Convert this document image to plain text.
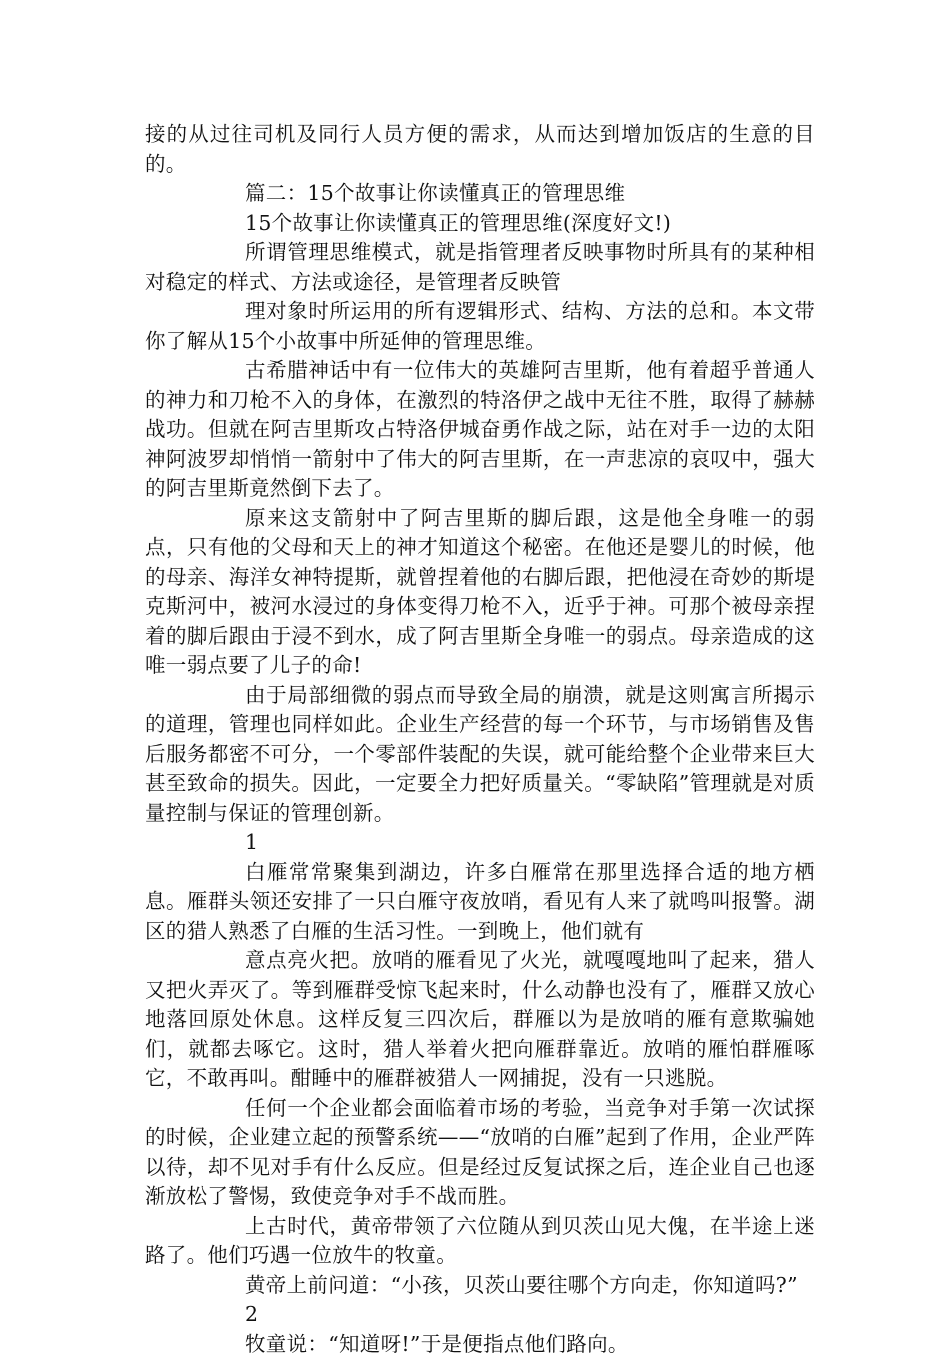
接的从过往司机及同行人员方便的需求，从而达到增加饭店的生意的目的。

篇二：15个故事让你读懂真正的管理思维

15个故事让你读懂真正的管理思维(深度好文!)

所谓管理思维模式，就是指管理者反映事物时所具有的某种相对稳定的样式、方法或途径，是管理者反映管

理对象时所运用的所有逻辑形式、结构、方法的总和。本文带你了解从15个小故事中所延伸的管理思维。

古希腊神话中有一位伟大的英雄阿吉里斯，他有着超乎普通人的神力和刀枪不入的身体，在激烈的特洛伊之战中无往不胜，取得了赫赫战功。但就在阿吉里斯攻占特洛伊城奋勇作战之际，站在对手一边的太阳神阿波罗却悄悄一箭射中了伟大的阿吉里斯，在一声悲凉的哀叹中，强大的阿吉里斯竟然倒下去了。

原来这支箭射中了阿吉里斯的脚后跟，这是他全身唯一的弱点，只有他的父母和天上的神才知道这个秘密。在他还是婴儿的时候，他的母亲、海洋女神特提斯，就曾捏着他的右脚后跟，把他浸在奇妙的斯堤克斯河中，被河水浸过的身体变得刀枪不入，近乎于神。可那个被母亲捏着的脚后跟由于浸不到水，成了阿吉里斯全身唯一的弱点。母亲造成的这唯一弱点要了儿子的命!

由于局部细微的弱点而导致全局的崩溃，就是这则寓言所揭示的道理，管理也同样如此。企业生产经营的每一个环节，与市场销售及售后服务都密不可分，一个零部件装配的失误，就可能给整个企业带来巨大甚至致命的损失。因此，一定要全力把好质量关。“零缺陷”管理就是对质量控制与保证的管理创新。

1

白雁常常聚集到湖边，许多白雁常在那里选择合适的地方栖息。雁群头领还安排了一只白雁守夜放哨，看见有人来了就鸣叫报警。湖区的猎人熟悉了白雁的生活习性。一到晚上，他们就有

意点亮火把。放哨的雁看见了火光，就嘎嘎地叫了起来，猎人又把火弄灭了。等到雁群受惊飞起来时，什么动静也没有了，雁群又放心地落回原处休息。这样反复三四次后，群雁以为是放哨的雁有意欺骗她们，就都去啄它。这时，猎人举着火把向雁群靠近。放哨的雁怕群雁啄它，不敢再叫。酣睡中的雁群被猎人一网捕捉，没有一只逃脱。

任何一个企业都会面临着市场的考验，当竞争对手第一次试探的时候，企业建立起的预警系统——“放哨的白雁”起到了作用，企业严阵以待，却不见对手有什么反应。但是经过反复试探之后，连企业自己也逐渐放松了警惕，致使竞争对手不战而胜。

上古时代，黄帝带领了六位随从到贝茨山见大傀，在半途上迷路了。他们巧遇一位放牛的牧童。

黄帝上前问道：“小孩，贝茨山要往哪个方向走，你知道吗?”

2

牧童说：“知道呀!”于是便指点他们路向。
